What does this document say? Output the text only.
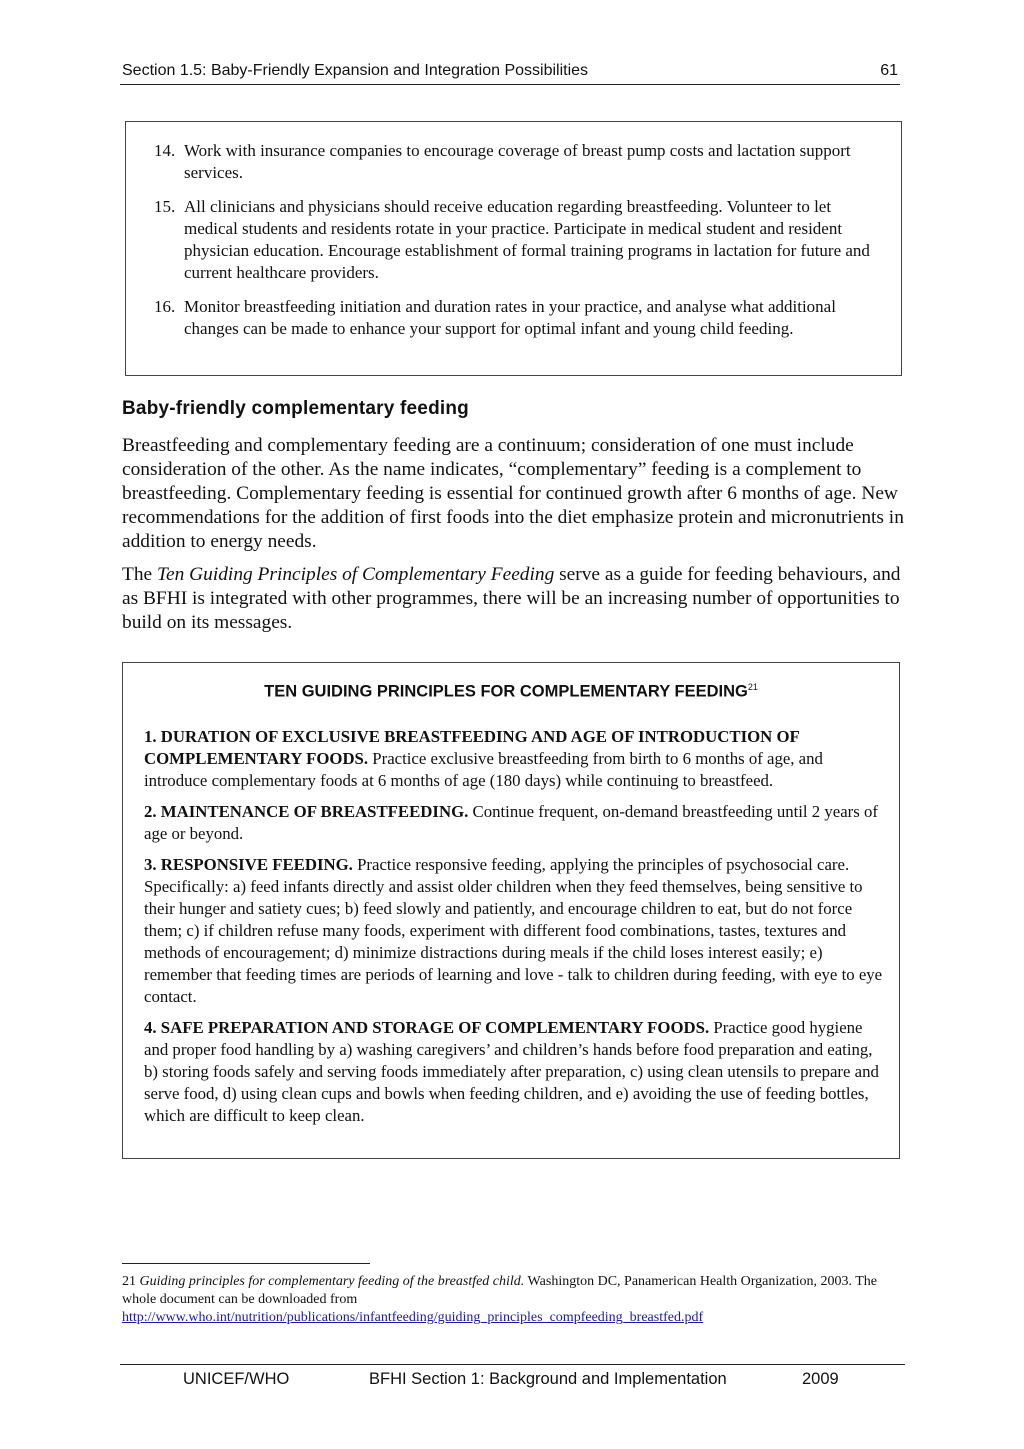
Section 1.5: Baby-Friendly Expansion and Integration Possibilities	61
14. Work with insurance companies to encourage coverage of breast pump costs and lactation support services.
15. All clinicians and physicians should receive education regarding breastfeeding. Volunteer to let medical students and residents rotate in your practice. Participate in medical student and resident physician education. Encourage establishment of formal training programs in lactation for future and current healthcare providers.
16. Monitor breastfeeding initiation and duration rates in your practice, and analyse what additional changes can be made to enhance your support for optimal infant and young child feeding.
Baby-friendly complementary feeding

Breastfeeding and complementary feeding are a continuum; consideration of one must include consideration of the other. As the name indicates, “complementary” feeding is a complement to breastfeeding. Complementary feeding is essential for continued growth after 6 months of age. New recommendations for the addition of first foods into the diet emphasize protein and micronutrients in addition to energy needs.

The Ten Guiding Principles of Complementary Feeding serve as a guide for feeding behaviours, and as BFHI is integrated with other programmes, there will be an increasing number of opportunities to build on its messages.

TEN GUIDING PRINCIPLES FOR COMPLEMENTARY FEEDING$^{21}$

1. DURATION OF EXCLUSIVE BREASTFEEDING AND AGE OF INTRODUCTION OF COMPLEMENTARY FOODS. Practice exclusive breastfeeding from birth to 6 months of age, and introduce complementary foods at 6 months of age (180 days) while continuing to breastfeed.

2. MAINTENANCE OF BREASTFEEDING. Continue frequent, on-demand breastfeeding until 2 years of age or beyond.

3. RESPONSIVE FEEDING. Practice responsive feeding, applying the principles of psychosocial care. Specifically: a) feed infants directly and assist older children when they feed themselves, being sensitive to their hunger and satiety cues; b) feed slowly and patiently, and encourage children to eat, but do not force them; c) if children refuse many foods, experiment with different food combinations, tastes, textures and methods of encouragement; d) minimize distractions during meals if the child loses interest easily; e) remember that feeding times are periods of learning and love - talk to children during feeding, with eye to eye contact.

4. SAFE PREPARATION AND STORAGE OF COMPLEMENTARY FOODS. Practice good hygiene and proper food handling by a) washing caregivers’ and children’s hands before food preparation and eating, b) storing foods safely and serving foods immediately after preparation, c) using clean utensils to prepare and serve food, d) using clean cups and bowls when feeding children, and e) avoiding the use of feeding bottles, which are difficult to keep clean.

21 Guiding principles for complementary feeding of the breastfed child. Washington DC, Panamerican Health Organization, 2003. The whole document can be downloaded from
http://www.who.int/nutrition/publications/infantfeeding/guiding_principles_compfeeding_breastfed.pdf
UNICEF/WHO	BFHI Section 1: Background and Implementation	2009
